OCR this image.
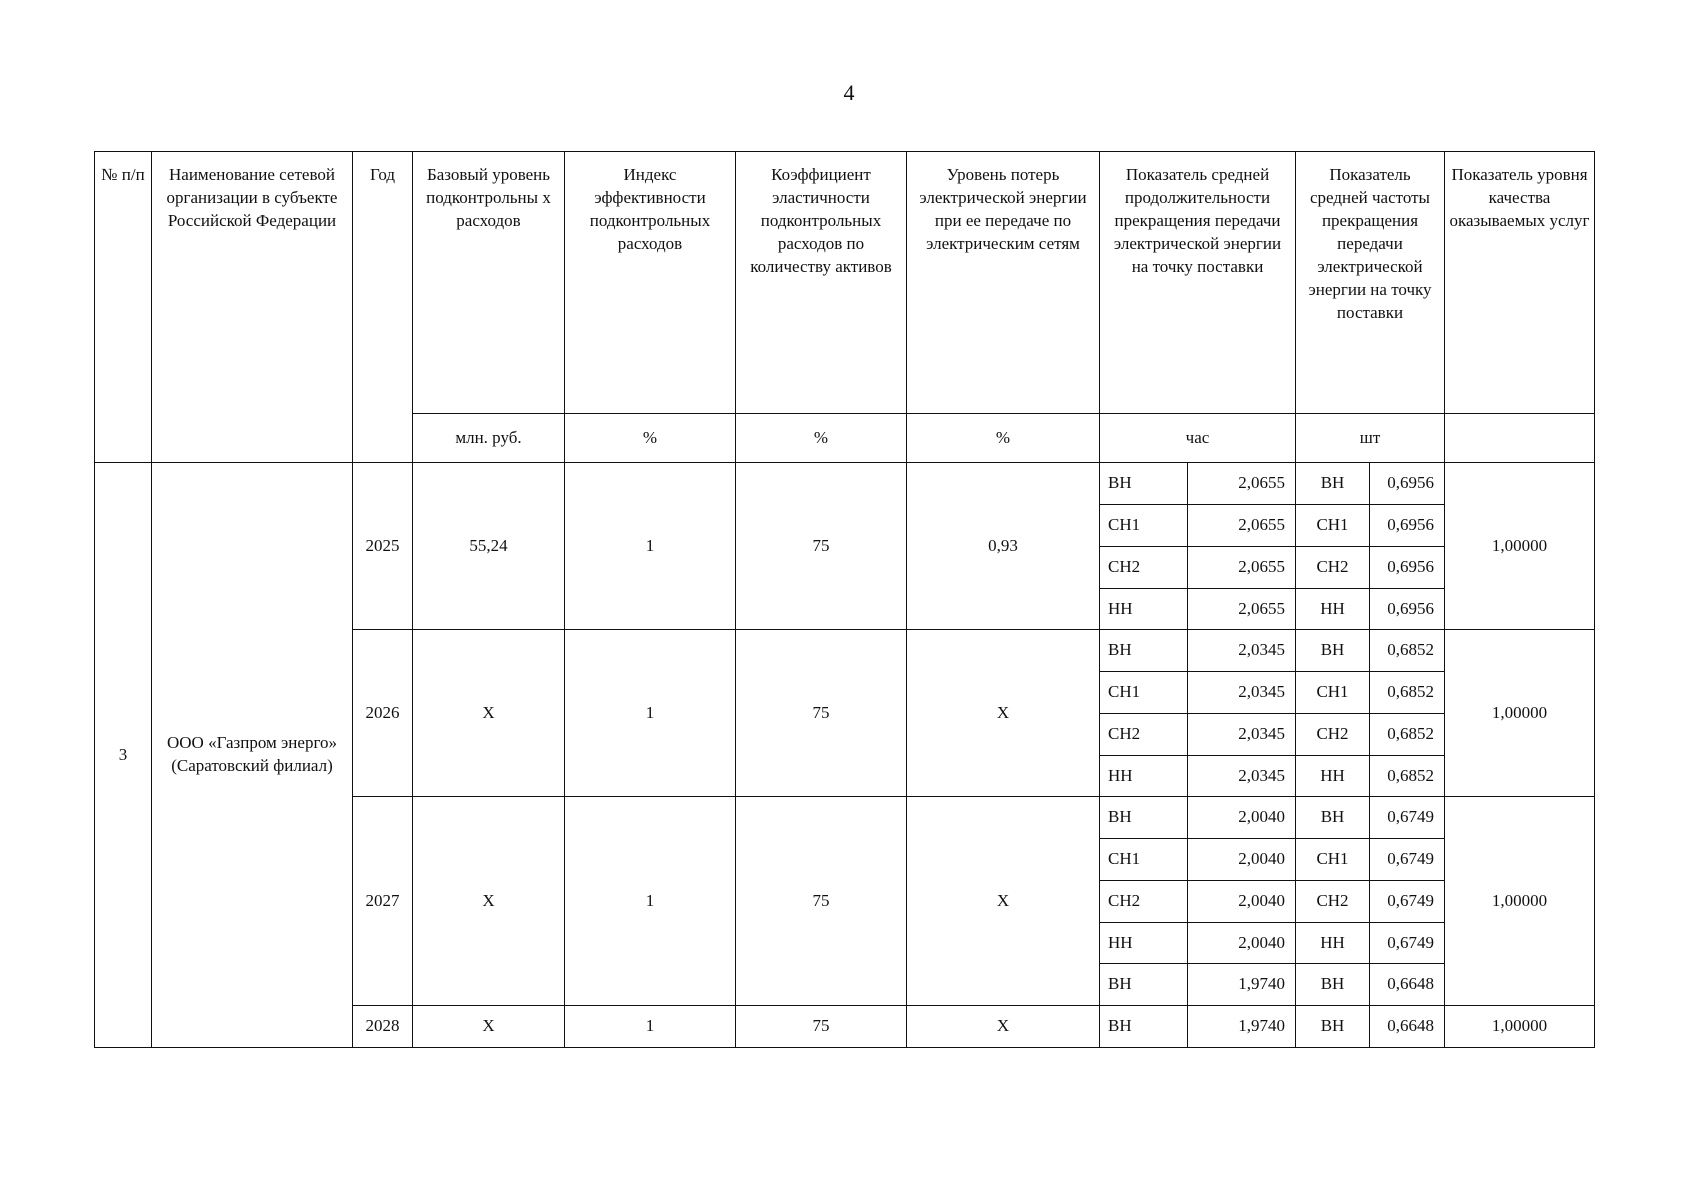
4
№ п/п	Наименование сетевой организации в субъекте Российской Федерации	Год	Базовый уровень подконтрольны х расходов	Индекс эффективности подконтрольных расходов	Коэффициент эластичности подконтрольных расходов по количеству активов	Уровень потерь электрической энергии при ее передаче по электрическим сетям	Показатель средней продолжительности прекращения передачи электрической энергии на точку поставки		Показатель средней частоты прекращения передачи электрической энергии на точку поставки		Показатель уровня качества оказываемых услуг
			млн. руб.	%	%	%	час		шт		
3	ООО «Газпром энерго» (Саратовский филиал)	2025	55,24	1	75	0,93	ВН	2,0655	ВН	0,6956	1,00000
							СН1	2,0655	СН1	0,6956	
							СН2	2,0655	СН2	0,6956	
							НН	2,0655	НН	0,6956	
		2026	X	1	75	X	ВН	2,0345	ВН	0,6852	1,00000
							СН1	2,0345	СН1	0,6852	
							СН2	2,0345	СН2	0,6852	
							НН	2,0345	НН	0,6852	
		2027	X	1	75	X	ВН	2,0040	ВН	0,6749	1,00000
							СН1	2,0040	СН1	0,6749	
							СН2	2,0040	СН2	0,6749	
							НН	2,0040	НН	0,6749	
							ВН	1,9740	ВН	0,6648	
		2028	X	1	75	X	ВН	1,9740	ВН	0,6648	1,00000
